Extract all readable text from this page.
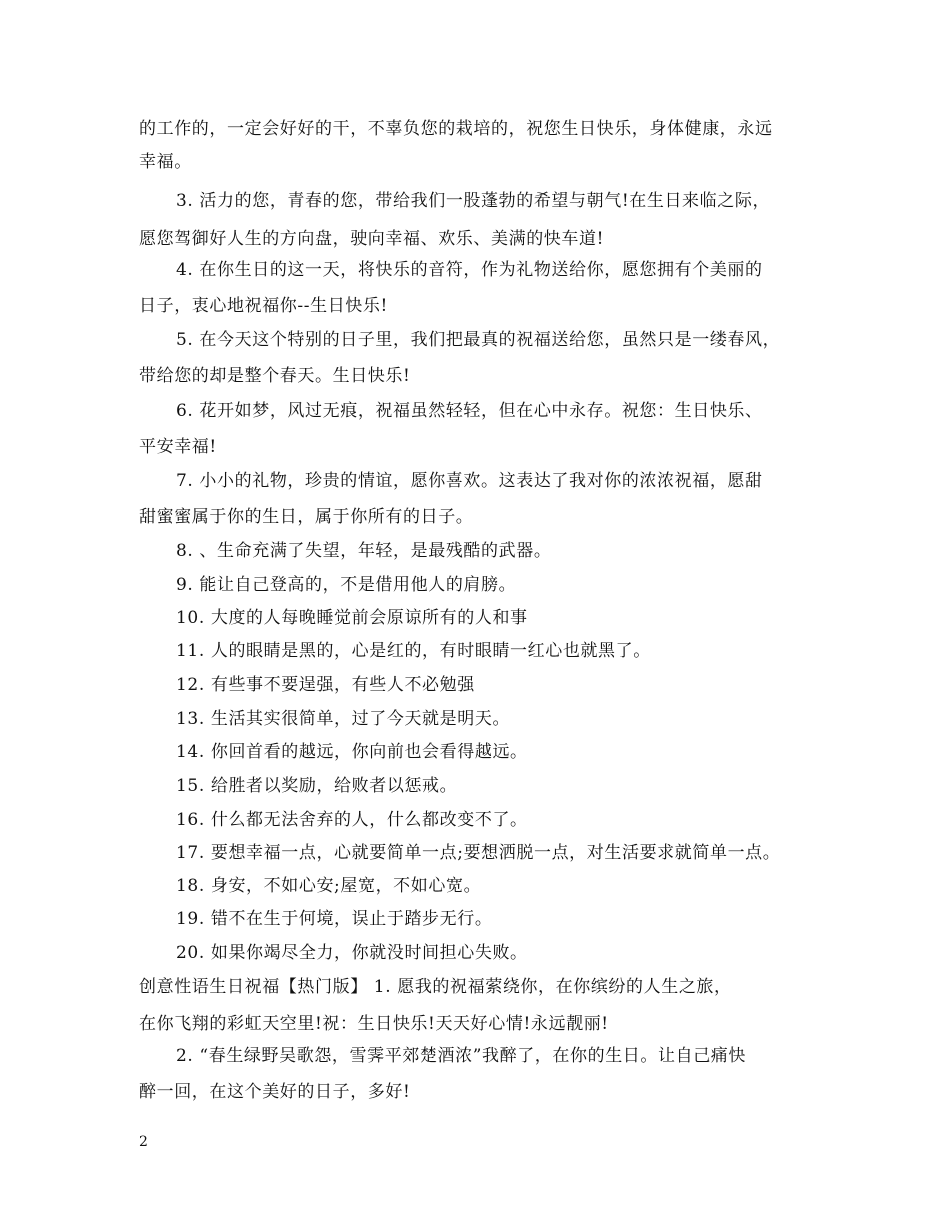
的工作的，一定会好好的干，不辜负您的栽培的，祝您生日快乐，身体健康，永远
幸福。
3. 活力的您，青春的您，带给我们一股蓬勃的希望与朝气!在生日来临之际，
愿您驾御好人生的方向盘，驶向幸福、欢乐、美满的快车道!
4. 在你生日的这一天，将快乐的音符，作为礼物送给你，愿您拥有个美丽的
日子，衷心地祝福你--生日快乐!
5. 在今天这个特别的日子里，我们把最真的祝福送给您，虽然只是一缕春风，
带给您的却是整个春天。生日快乐!
6. 花开如梦，风过无痕，祝福虽然轻轻，但在心中永存。祝您：生日快乐、
平安幸福!
7. 小小的礼物，珍贵的情谊，愿你喜欢。这表达了我对你的浓浓祝福，愿甜
甜蜜蜜属于你的生日，属于你所有的日子。
8. 、生命充满了失望，年轻，是最残酷的武器。
9. 能让自己登高的，不是借用他人的肩膀。
10. 大度的人每晚睡觉前会原谅所有的人和事
11. 人的眼睛是黑的，心是红的，有时眼睛一红心也就黑了。
12. 有些事不要逞强，有些人不必勉强
13. 生活其实很简单，过了今天就是明天。
14. 你回首看的越远，你向前也会看得越远。
15. 给胜者以奖励，给败者以惩戒。
16. 什么都无法舍弃的人，什么都改变不了。
17. 要想幸福一点，心就要简单一点;要想洒脱一点，对生活要求就简单一点。
18. 身安，不如心安;屋宽，不如心宽。
19. 错不在生于何境，误止于踏步无行。
20. 如果你竭尽全力，你就没时间担心失败。
创意性语生日祝福【热门版】 1. 愿我的祝福萦绕你，在你缤纷的人生之旅，
在你飞翔的彩虹天空里!祝：生日快乐!天天好心情!永远靓丽!
2. “春生绿野吴歌怨，雪霁平郊楚酒浓”我醉了，在你的生日。让自己痛快
醉一回，在这个美好的日子，多好!
2
